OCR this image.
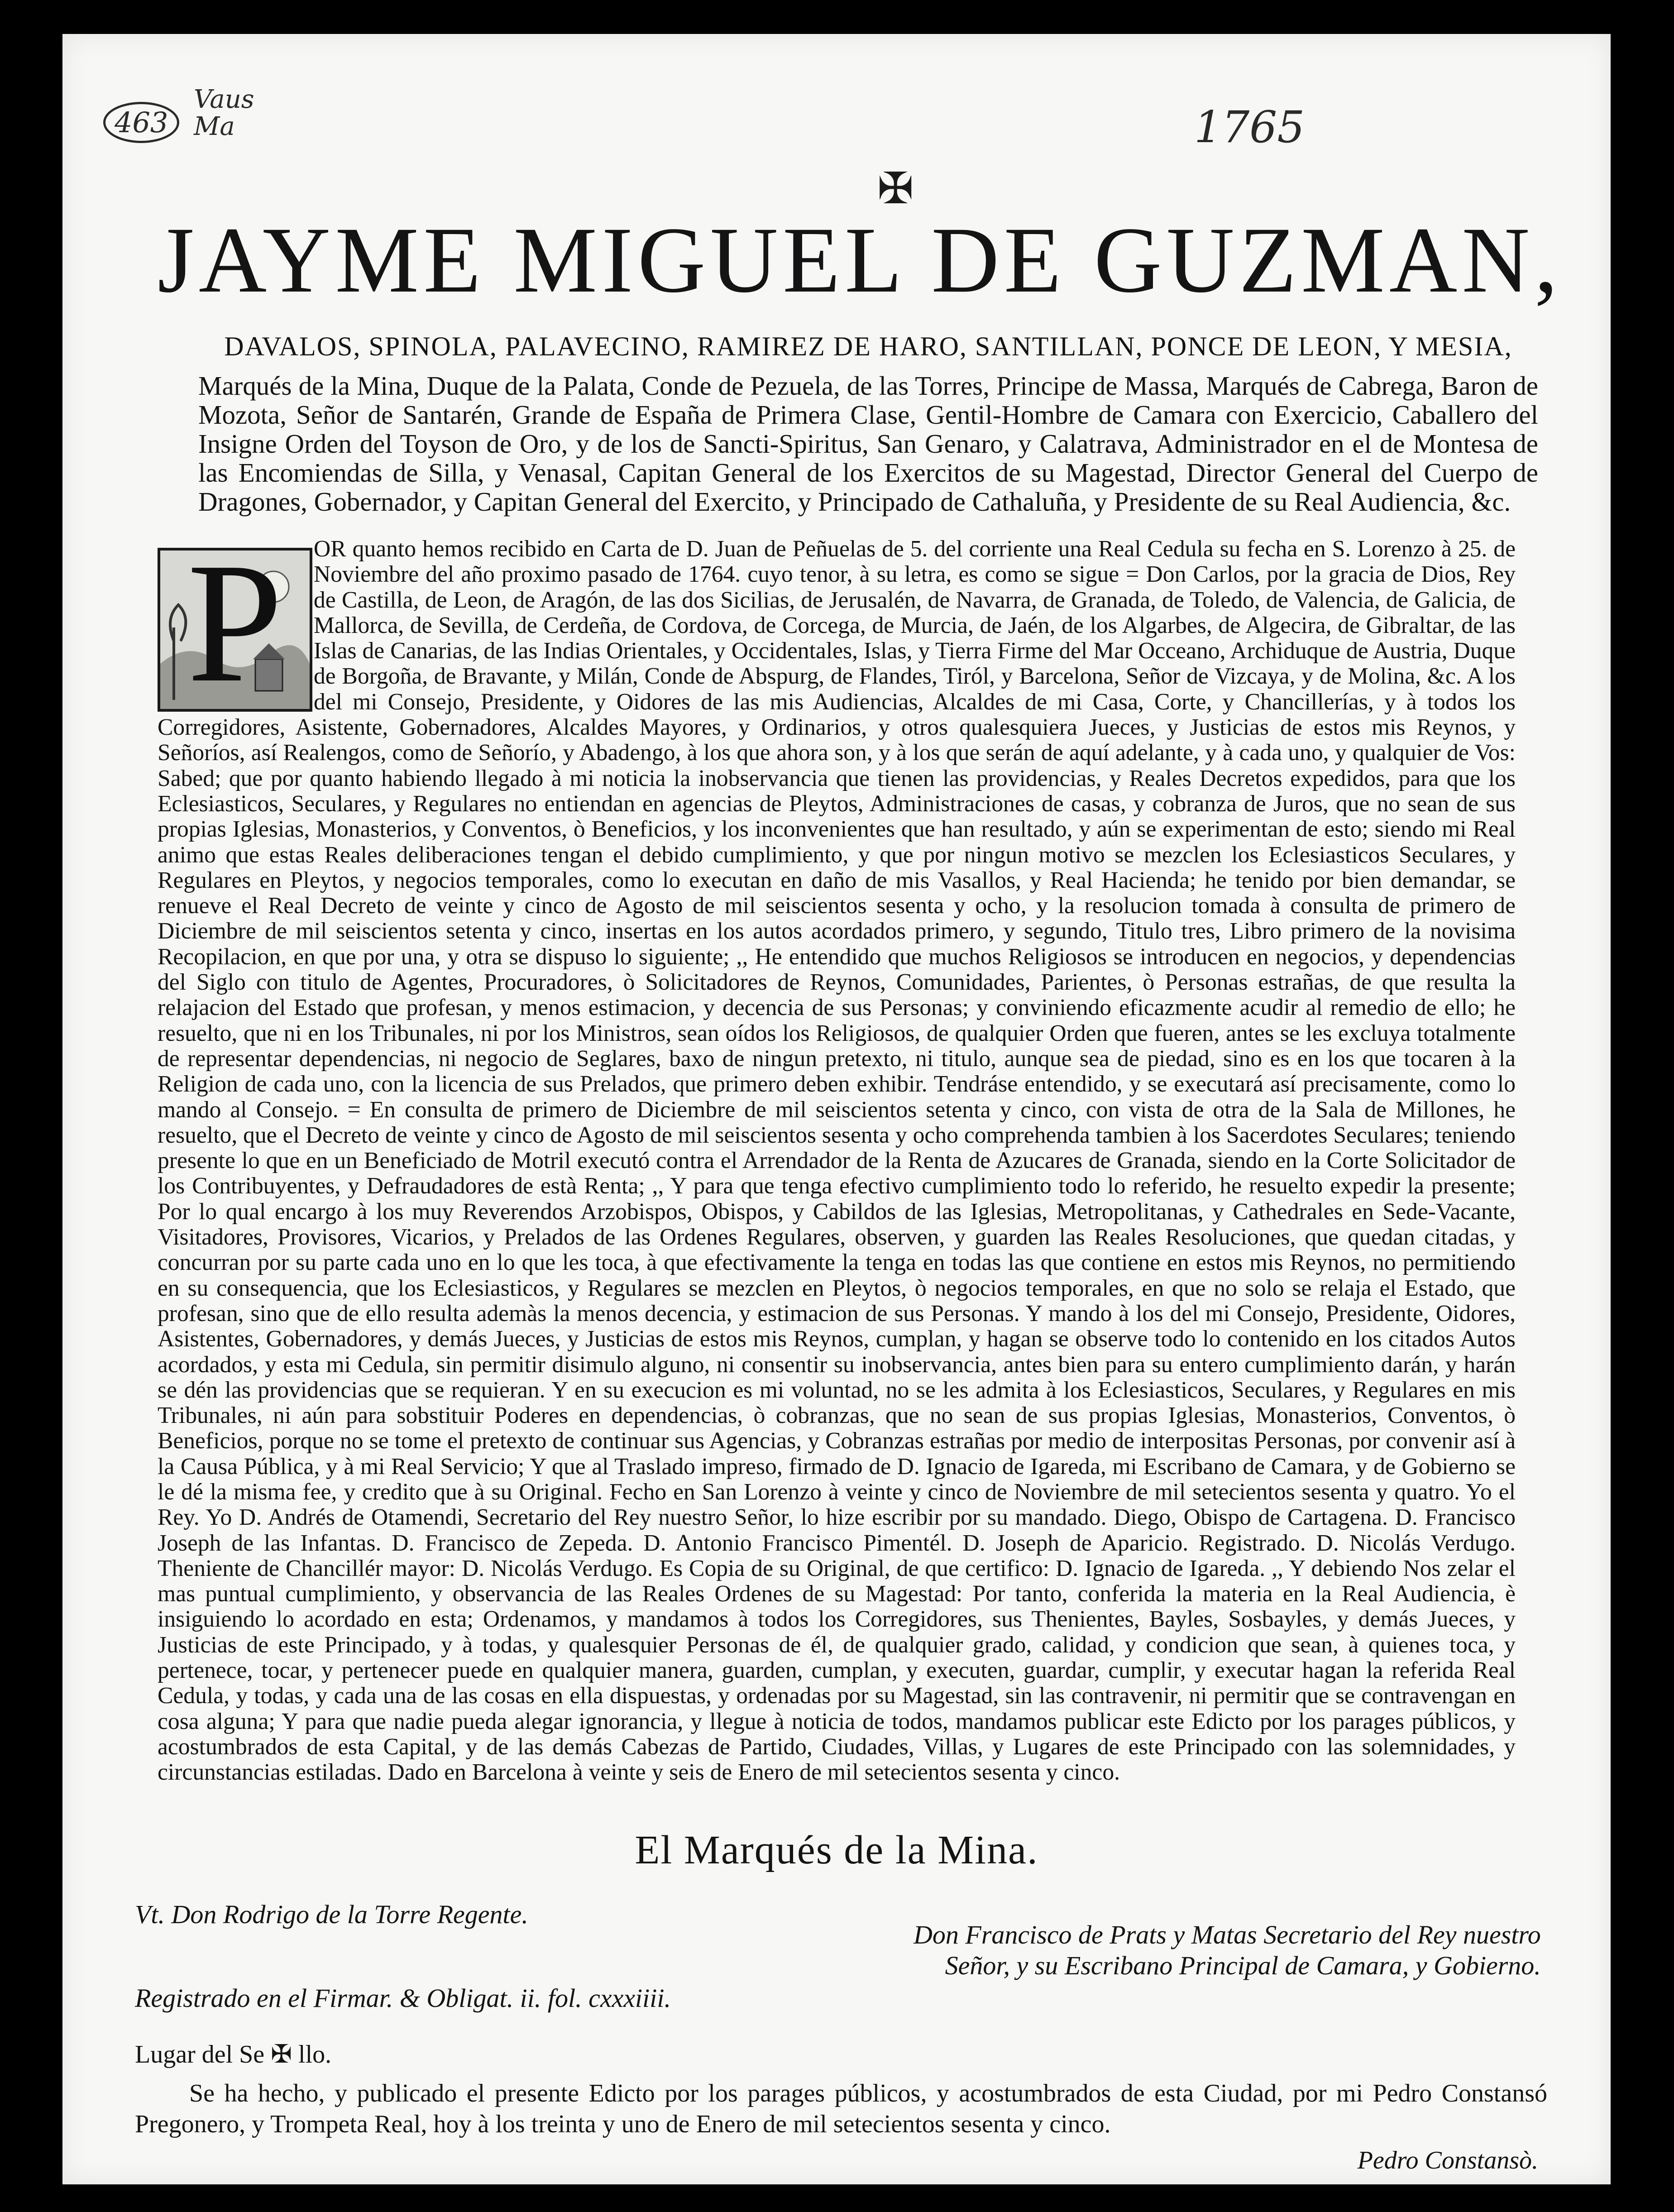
463
Vaus
Ma	1765
✠
JAYME MIGUEL DE GUZMAN,

DAVALOS, SPINOLA, PALAVECINO, RAMIREZ DE HARO, SANTILLAN, PONCE DE LEON, Y MESIA,

Marqués de la Mina, Duque de la Palata, Conde de Pezuela, de las Torres, Principe de Massa, Marqués de Cabrega, Baron de Mozota, Señor de Santarén, Grande de España de Primera Clase, Gentil-Hombre de Camara con Exercicio, Caballero del Insigne Orden del Toyson de Oro, y de los de Sancti-Spiritus, San Genaro, y Calatrava, Administrador en el de Montesa de las Encomiendas de Silla, y Venasal, Capitan General de los Exercitos de su Magestad, Director General del Cuerpo de Dragones, Gobernador, y Capitan General del Exercito, y Principado de Cathaluña, y Presidente de su Real Audiencia, &c.

P	OR quanto hemos recibido en Carta de D. Juan de Peñuelas de 5. del corriente una Real Cedula su fecha en S. Lorenzo à 25. de Noviembre del año proximo pasado de 1764. cuyo tenor, à su letra, es como se sigue = Don Carlos, por la gracia de Dios, Rey de Castilla, de Leon, de Aragón, de las dos Sicilias, de Jerusalén, de Navarra, de Granada, de Toledo, de Valencia, de Galicia, de Mallorca, de Sevilla, de Cerdeña, de Cordova, de Corcega, de Murcia, de Jaén, de los Algarbes, de Algecira, de Gibraltar, de las Islas de Canarias, de las Indias Orientales, y Occidentales, Islas, y Tierra Firme del Mar Occeano, Archiduque de Austria, Duque de Borgoña, de Bravante, y Milán, Conde de Abspurg, de Flandes, Tiról, y Barcelona, Señor de Vizcaya, y de Molina, &c. A los del mi Consejo, Presidente, y Oidores de las mis Audiencias, Alcaldes de mi Casa, Corte, y Chancillerías, y à todos los Corregidores, Asistente, Gobernadores, Alcaldes Mayores, y Ordinarios, y otros qualesquiera Jueces, y Justicias de estos mis Reynos, y Señoríos, así Realengos, como de Señorío, y Abadengo, à los que ahora son, y à los que serán de aquí adelante, y à cada uno, y qualquier de Vos: Sabed; que por quanto habiendo llegado à mi noticia la inobservancia que tienen las providencias, y Reales Decretos expedidos, para que los Eclesiasticos, Seculares, y Regulares no entiendan en agencias de Pleytos, Administraciones de casas, y cobranza de Juros, que no sean de sus propias Iglesias, Monasterios, y Conventos, ò Beneficios, y los inconvenientes que han resultado, y aún se experimentan de esto; siendo mi Real animo que estas Reales deliberaciones tengan el debido cumplimiento, y que por ningun motivo se mezclen los Eclesiasticos Seculares, y Regulares en Pleytos, y negocios temporales, como lo executan en daño de mis Vasallos, y Real Hacienda; he tenido por bien demandar, se renueve el Real Decreto de veinte y cinco de Agosto de mil seiscientos sesenta y ocho, y la resolucion tomada à consulta de primero de Diciembre de mil seiscientos setenta y cinco, insertas en los autos acordados primero, y segundo, Titulo tres, Libro primero de la novisima Recopilacion, en que por una, y otra se dispuso lo siguiente; ,, He entendido que muchos Religiosos se introducen en negocios, y dependencias del Siglo con titulo de Agentes, Procuradores, ò Solicitadores de Reynos, Comunidades, Parientes, ò Personas estrañas, de que resulta la relajacion del Estado que profesan, y menos estimacion, y decencia de sus Personas; y conviniendo eficazmente acudir al remedio de ello; he resuelto, que ni en los Tribunales, ni por los Ministros, sean oídos los Religiosos, de qualquier Orden que fueren, antes se les excluya totalmente de representar dependencias, ni negocio de Seglares, baxo de ningun pretexto, ni titulo, aunque sea de piedad, sino es en los que tocaren à la Religion de cada uno, con la licencia de sus Prelados, que primero deben exhibir. Tendráse entendido, y se executará así precisamente, como lo mando al Consejo. = En consulta de primero de Diciembre de mil seiscientos setenta y cinco, con vista de otra de la Sala de Millones, he resuelto, que el Decreto de veinte y cinco de Agosto de mil seiscientos sesenta y ocho comprehenda tambien à los Sacerdotes Seculares; teniendo presente lo que en un Beneficiado de Motril executó contra el Arrendador de la Renta de Azucares de Granada, siendo en la Corte Solicitador de los Contribuyentes, y Defraudadores de està Renta; ,, Y para que tenga efectivo cumplimiento todo lo referido, he resuelto expedir la presente; Por lo qual encargo à los muy Reverendos Arzobispos, Obispos, y Cabildos de las Iglesias, Metropolitanas, y Cathedrales en Sede-Vacante, Visitadores, Provisores, Vicarios, y Prelados de las Ordenes Regulares, observen, y guarden las Reales Resoluciones, que quedan citadas, y concurran por su parte cada uno en lo que les toca, à que efectivamente la tenga en todas las que contiene en estos mis Reynos, no permitiendo en su consequencia, que los Eclesiasticos, y Regulares se mezclen en Pleytos, ò negocios temporales, en que no solo se relaja el Estado, que profesan, sino que de ello resulta ademàs la menos decencia, y estimacion de sus Personas. Y mando à los del mi Consejo, Presidente, Oidores, Asistentes, Gobernadores, y demás Jueces, y Justicias de estos mis Reynos, cumplan, y hagan se observe todo lo contenido en los citados Autos acordados, y esta mi Cedula, sin permitir disimulo alguno, ni consentir su inobservancia, antes bien para su entero cumplimiento darán, y harán se dén las providencias que se requieran. Y en su execucion es mi voluntad, no se les admita à los Eclesiasticos, Seculares, y Regulares en mis Tribunales, ni aún para sobstituir Poderes en dependencias, ò cobranzas, que no sean de sus propias Iglesias, Monasterios, Conventos, ò Beneficios, porque no se tome el pretexto de continuar sus Agencias, y Cobranzas estrañas por medio de interpositas Personas, por convenir así à la Causa Pública, y à mi Real Servicio; Y que al Traslado impreso, firmado de D. Ignacio de Igareda, mi Escribano de Camara, y de Gobierno se le dé la misma fee, y credito que à su Original. Fecho en San Lorenzo à veinte y cinco de Noviembre de mil setecientos sesenta y quatro. Yo el Rey. Yo D. Andrés de Otamendi, Secretario del Rey nuestro Señor, lo hize escribir por su mandado. Diego, Obispo de Cartagena. D. Francisco Joseph de las Infantas. D. Francisco de Zepeda. D. Antonio Francisco Pimentél. D. Joseph de Aparicio. Registrado. D. Nicolás Verdugo. Theniente de Chancillér mayor: D. Nicolás Verdugo. Es Copia de su Original, de que certifico: D. Ignacio de Igareda. ,, Y debiendo Nos zelar el mas puntual cumplimiento, y observancia de las Reales Ordenes de su Magestad: Por tanto, conferida la materia en la Real Audiencia, è insiguiendo lo acordado en esta; Ordenamos, y mandamos à todos los Corregidores, sus Thenientes, Bayles, Sosbayles, y demás Jueces, y Justicias de este Principado, y à todas, y qualesquier Personas de él, de qualquier grado, calidad, y condicion que sean, à quienes toca, y pertenece, tocar, y pertenecer puede en qualquier manera, guarden, cumplan, y executen, guardar, cumplir, y executar hagan la referida Real Cedula, y todas, y cada una de las cosas en ella dispuestas, y ordenadas por su Magestad, sin las contravenir, ni permitir que se contravengan en cosa alguna; Y para que nadie pueda alegar ignorancia, y llegue à noticia de todos, mandamos publicar este Edicto por los parages públicos, y acostumbrados de esta Capital, y de las demás Cabezas de Partido, Ciudades, Villas, y Lugares de este Principado con las solemnidades, y circunstancias estiladas. Dado en Barcelona à veinte y seis de Enero de mil setecientos sesenta y cinco.

El Marqués de la Mina.
Vt. Don Rodrigo de la Torre Regente.
Don Francisco de Prats y Matas Secretario del Rey nuestro
Señor, y su Escribano Principal de Camara, y Gobierno.
Registrado en el Firmar. & Obligat. ii. fol. cxxxiiii.
Lugar del Se ✠ llo.

Se ha hecho, y publicado el presente Edicto por los parages públicos, y acostumbrados de esta Ciudad, por mi Pedro Constansó Pregonero, y Trompeta Real, hoy à los treinta y uno de Enero de mil setecientos sesenta y cinco.

Pedro Constansò.
